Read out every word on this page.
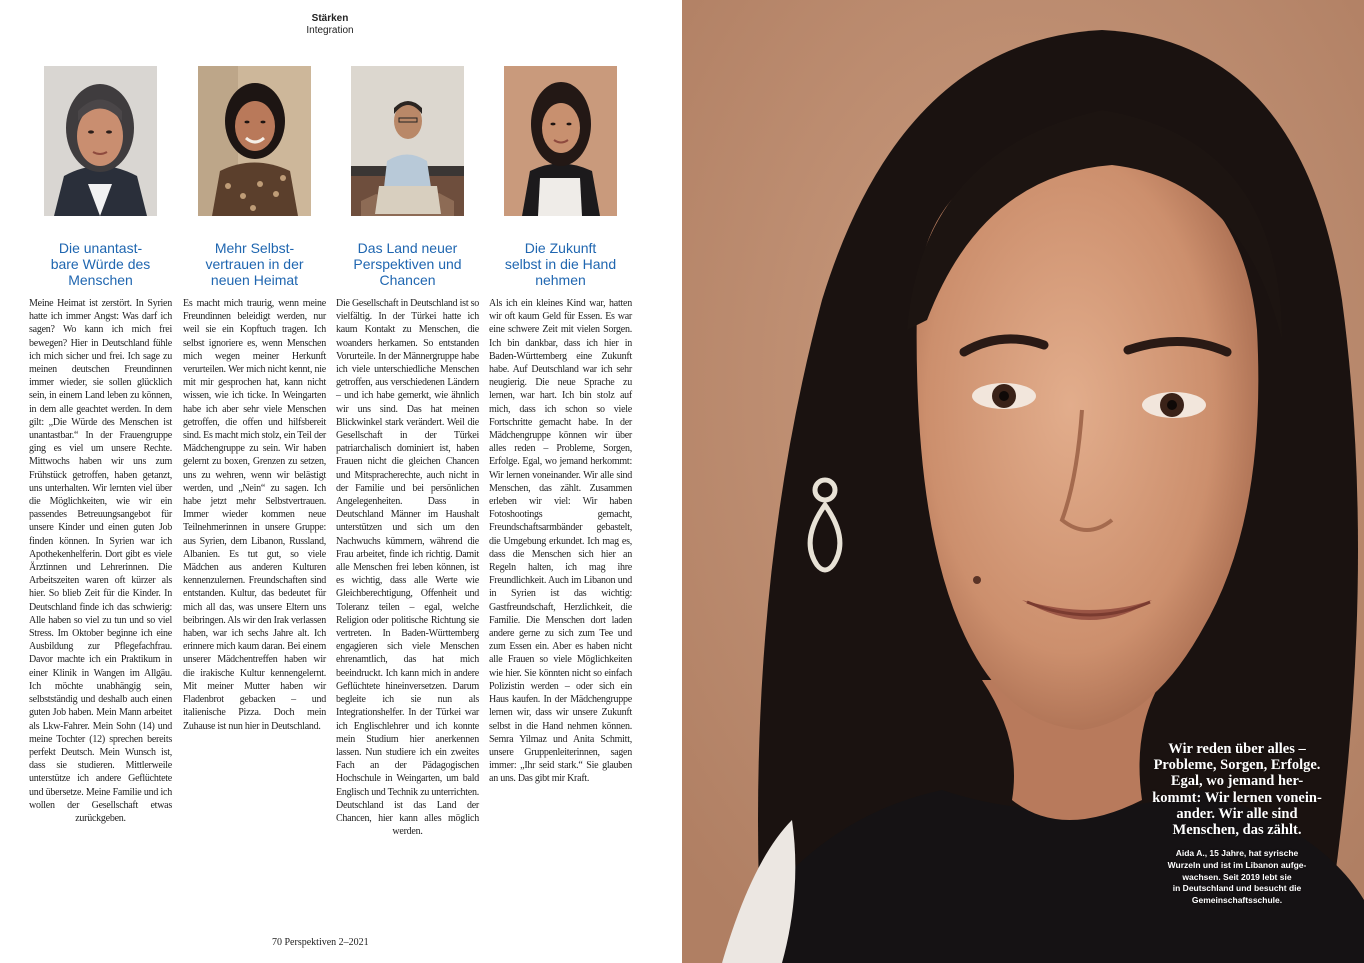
Stärken
Integration
Die unantast-
bare Würde des
Menschen
Meine Heimat ist zerstört. In Syrien hatte ich immer Angst: Was darf ich sagen? Wo kann ich mich frei bewegen? Hier in Deutschland fühle ich mich sicher und frei. Ich sage zu meinen deutschen Freundinnen immer wieder, sie sollen glücklich sein, in einem Land leben zu können, in dem alle geachtet werden. In dem gilt: „Die Würde des Menschen ist unantastbar.“ In der Frauengruppe ging es viel um unsere Rechte. Mittwochs haben wir uns zum Frühstück getroffen, haben getanzt, uns unterhalten. Wir lernten viel über die Möglichkeiten, wie wir ein passendes Betreuungsangebot für unsere Kinder und einen guten Job finden können. In Syrien war ich Apothekenhelferin. Dort gibt es viele Ärztinnen und Lehrerinnen. Die Arbeitszeiten waren oft kürzer als hier. So blieb Zeit für die Kinder. In Deutschland finde ich das schwierig: Alle haben so viel zu tun und so viel Stress. Im Oktober beginne ich eine Ausbildung zur Pflegefachfrau. Davor machte ich ein Praktikum in einer Klinik in Wangen im Allgäu. Ich möchte unabhängig sein, selbstständig und deshalb auch einen guten Job haben. Mein Mann arbeitet als Lkw-Fahrer. Mein Sohn (14) und meine Tochter (12) sprechen bereits perfekt Deutsch. Mein Wunsch ist, dass sie studieren. Mittlerweile unterstütze ich andere Geflüchtete und übersetze. Meine Familie und ich wollen der Gesellschaft etwas zurückgeben.
Mehr Selbst-
vertrauen in der
neuen Heimat
Es macht mich traurig, wenn meine Freundinnen beleidigt werden, nur weil sie ein Kopftuch tragen. Ich selbst ignoriere es, wenn Menschen mich wegen meiner Herkunft verurteilen. Wer mich nicht kennt, nie mit mir gesprochen hat, kann nicht wissen, wie ich ticke. In Weingarten habe ich aber sehr viele Menschen getroffen, die offen und hilfsbereit sind. Es macht mich stolz, ein Teil der Mädchengruppe zu sein. Wir haben gelernt zu boxen, Grenzen zu setzen, uns zu wehren, wenn wir belästigt werden, und „Nein“ zu sagen. Ich habe jetzt mehr Selbstvertrauen. Immer wieder kommen neue Teilnehmerinnen in unsere Gruppe: aus Syrien, dem Libanon, Russland, Albanien. Es tut gut, so viele Mädchen aus anderen Kulturen kennenzulernen. Freundschaften sind entstanden. Kultur, das bedeutet für mich all das, was unsere Eltern uns beibringen. Als wir den Irak verlassen haben, war ich sechs Jahre alt. Ich erinnere mich kaum daran. Bei einem unserer Mädchentreffen haben wir die irakische Kultur kennengelernt. Mit meiner Mutter haben wir Fladenbrot gebacken – und italienische Pizza. Doch mein Zuhause ist nun hier in Deutschland.
Das Land neuer
Perspektiven und
Chancen
Die Gesellschaft in Deutschland ist so vielfältig. In der Türkei hatte ich kaum Kontakt zu Menschen, die woanders herkamen. So entstanden Vorurteile. In der Männergruppe habe ich viele unterschiedliche Menschen getroffen, aus verschiedenen Ländern – und ich habe gemerkt, wie ähnlich wir uns sind. Das hat meinen Blickwinkel stark verändert. Weil die Gesellschaft in der Türkei patriarchalisch dominiert ist, haben Frauen nicht die gleichen Chancen und Mitspracherechte, auch nicht in der Familie und bei persönlichen Angelegenheiten. Dass in Deutschland Männer im Haushalt unterstützen und sich um den Nachwuchs kümmern, während die Frau arbeitet, finde ich richtig. Damit alle Menschen frei leben können, ist es wichtig, dass alle Werte wie Gleichberechtigung, Offenheit und Toleranz teilen – egal, welche Religion oder politische Richtung sie vertreten. In Baden-Württemberg engagieren sich viele Menschen ehrenamtlich, das hat mich beeindruckt. Ich kann mich in andere Geflüchtete hineinversetzen. Darum begleite ich sie nun als Integrationshelfer. In der Türkei war ich Englischlehrer und ich konnte mein Studium hier anerkennen lassen. Nun studiere ich ein zweites Fach an der Pädagogischen Hochschule in Weingarten, um bald Englisch und Technik zu unterrichten. Deutschland ist das Land der Chancen, hier kann alles möglich werden.
Die Zukunft
selbst in die Hand
nehmen
Als ich ein kleines Kind war, hatten wir oft kaum Geld für Essen. Es war eine schwere Zeit mit vielen Sorgen. Ich bin dankbar, dass ich hier in Baden-Württemberg eine Zukunft habe. Auf Deutschland war ich sehr neugierig. Die neue Sprache zu lernen, war hart. Ich bin stolz auf mich, dass ich schon so viele Fortschritte gemacht habe. In der Mädchengruppe können wir über alles reden – Probleme, Sorgen, Erfolge. Egal, wo jemand herkommt: Wir lernen voneinander. Wir alle sind Menschen, das zählt. Zusammen erleben wir viel: Wir haben Fotoshootings gemacht, Freundschaftsarmbänder gebastelt, die Umgebung erkundet. Ich mag es, dass die Menschen sich hier an Regeln halten, ich mag ihre Freundlichkeit. Auch im Libanon und in Syrien ist das wichtig: Gastfreundschaft, Herzlichkeit, die Familie. Die Menschen dort laden andere gerne zu sich zum Tee und zum Essen ein. Aber es haben nicht alle Frauen so viele Möglichkeiten wie hier. Sie könnten nicht so einfach Polizistin werden – oder sich ein Haus kaufen. In der Mädchengruppe lernen wir, dass wir unsere Zukunft selbst in die Hand nehmen können. Semra Yilmaz und Anita Schmitt, unsere Gruppenleiterinnen, sagen immer: „Ihr seid stark.“ Sie glauben an uns. Das gibt mir Kraft.
70 Perspektiven 2–2021
Wir reden über alles –
Probleme, Sorgen, Erfolge.
Egal, wo jemand her-
kommt: Wir lernen vonein-
ander. Wir alle sind
Menschen, das zählt.
Aida A., 15 Jahre, hat syrische
Wurzeln und ist im Libanon aufge-
wachsen. Seit 2019 lebt sie
in Deutschland und besucht die
Gemeinschaftsschule.
